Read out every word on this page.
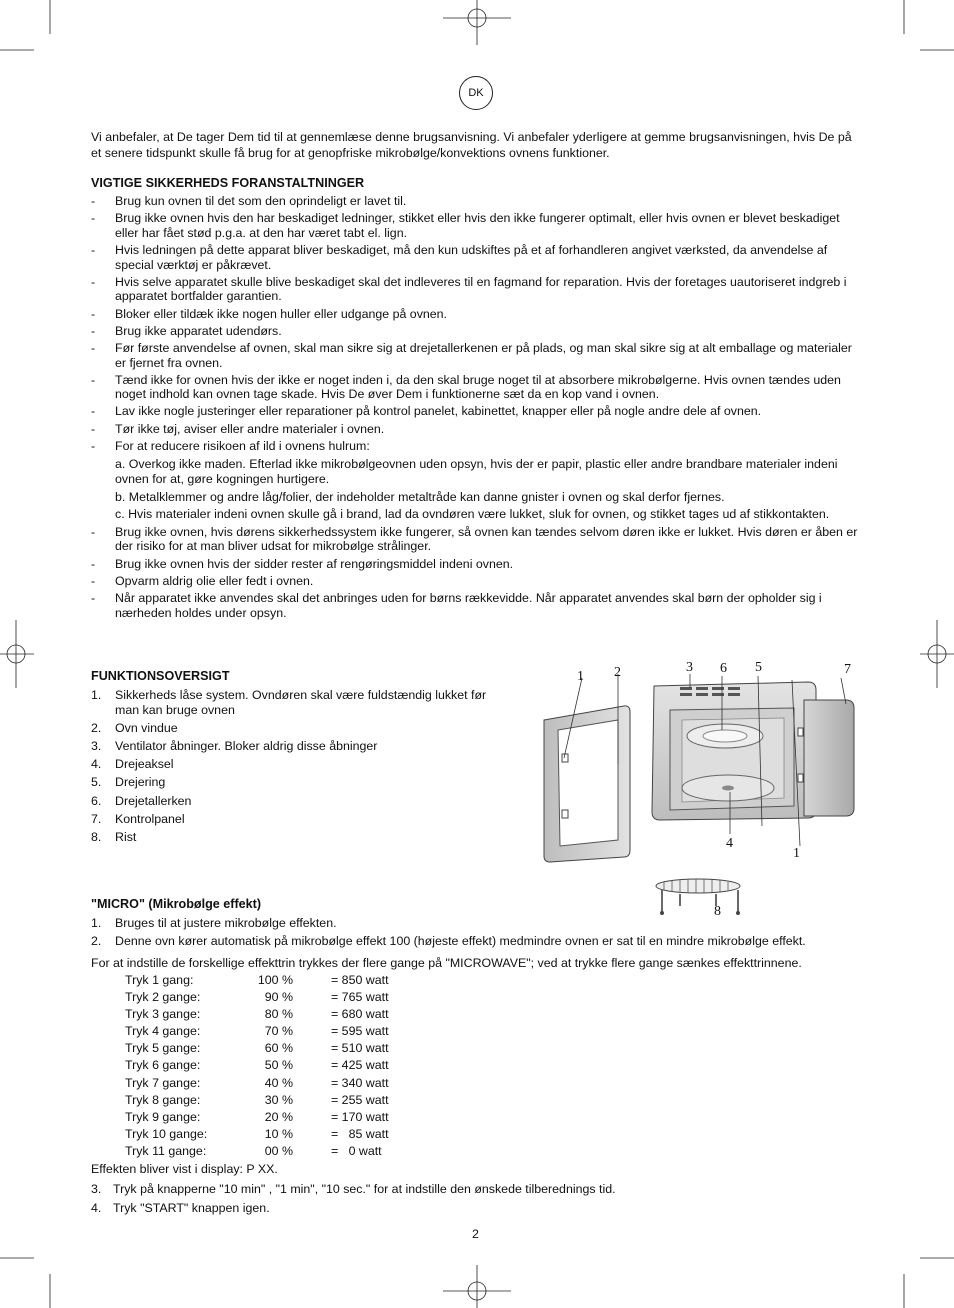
DK
Vi anbefaler, at De tager Dem tid til at gennemlæse denne brugsanvisning. Vi anbefaler yderligere at gemme brugsanvisningen, hvis De på et senere tidspunkt skulle få brug for at genopfriske mikrobølge/konvektions ovnens funktioner.
VIGTIGE SIKKERHEDS FORANSTALTNINGER
- Brug kun ovnen til det som den oprindeligt er lavet til.
- Brug ikke ovnen hvis den har beskadiget ledninger, stikket eller hvis den ikke fungerer optimalt, eller hvis ovnen er blevet beskadiget eller har fået stød p.g.a. at den har været tabt el. lign.
- Hvis ledningen på dette apparat bliver beskadiget, må den kun udskiftes på et af forhandleren angivet værksted, da anvendelse af special værktøj er påkrævet.
- Hvis selve apparatet skulle blive beskadiget skal det indleveres til en fagmand for reparation. Hvis der foretages uautoriseret indgreb i apparatet bortfalder garantien.
- Bloker eller tildæk ikke nogen huller eller udgange på ovnen.
- Brug ikke apparatet udendørs.
- Før første anvendelse af ovnen, skal man sikre sig at drejetallerkenen er på plads, og man skal sikre sig at alt emballage og materialer er fjernet fra ovnen.
- Tænd ikke for ovnen hvis der ikke er noget inden i, da den skal bruge noget til at absorbere mikrobølgerne. Hvis ovnen tændes uden noget indhold kan ovnen tage skade. Hvis De øver Dem i funktionerne sæt da en kop vand i ovnen.
- Lav ikke nogle justeringer eller reparationer på kontrol panelet, kabinettet, knapper eller på nogle andre dele af ovnen.
- Tør ikke tøj, aviser eller andre materialer i ovnen.
- For at reducere risikoen af ild i ovnens hulrum:
a. Overkog ikke maden. Efterlad ikke mikrobølgeovnen uden opsyn, hvis der er papir, plastic eller andre brandbare materialer indeni ovnen for at, gøre kogningen hurtigere.
b. Metalklemmer og andre låg/folier, der indeholder metaltråde kan danne gnister i ovnen og skal derfor fjernes.
c. Hvis materialer indeni ovnen skulle gå i brand, lad da ovndøren være lukket, sluk for ovnen, og stikket tages ud af stikkontakten.
- Brug ikke ovnen, hvis dørens sikkerhedssystem ikke fungerer, så ovnen kan tændes selvom døren ikke er lukket. Hvis døren er åben er der risiko for at man bliver udsat for mikrobølge strålinger.
- Brug ikke ovnen hvis der sidder rester af rengøringsmiddel indeni ovnen.
- Opvarm aldrig olie eller fedt i ovnen.
- Når apparatet ikke anvendes skal det anbringes uden for børns rækkevidde. Når apparatet anvendes skal børn der opholder sig i nærheden holdes under opsyn.
FUNKTIONSOVERSIGT
1. Sikkerheds låse system. Ovndøren skal være fuldstændig lukket før man kan bruge ovnen
2. Ovn vindue
3. Ventilator åbninger. Bloker aldrig disse åbninger
4. Drejeaksel
5. Drejering
6. Drejetallerken
7. Kontrolpanel
8. Rist
1 2	3 6 5	7
4
1
8
"MICRO" (Mikrobølge effekt)
1. Bruges til at justere mikrobølge effekten.
2. Denne ovn kører automatisk på mikrobølge effekt 100 (højeste effekt) medmindre ovnen er sat til en mindre mikrobølge effekt.
For at indstille de forskellige effekttrin trykkes der flere gange på "MICROWAVE"; ved at trykke flere gange sænkes effekttrinnene.
Tryk 1 gang:	100 %	= 850 watt
Tryk 2 gange:	90 %	= 765 watt
Tryk 3 gange:	80 %	= 680 watt
Tryk 4 gange:	70 %	= 595 watt
Tryk 5 gange:	60 %	= 510 watt
Tryk 6 gange:	50 %	= 425 watt
Tryk 7 gange:	40 %	= 340 watt
Tryk 8 gange:	30 %	= 255 watt
Tryk 9 gange:	20 %	= 170 watt
Tryk 10 gange:	10 %	=   85 watt
Tryk 11 gange:	00 %	=   0 watt
Effekten bliver vist i display: P XX.
3. Tryk på knapperne "10 min" , "1 min", "10 sec." for at indstille den ønskede tilberednings tid.
4. Tryk "START" knappen igen.
2
